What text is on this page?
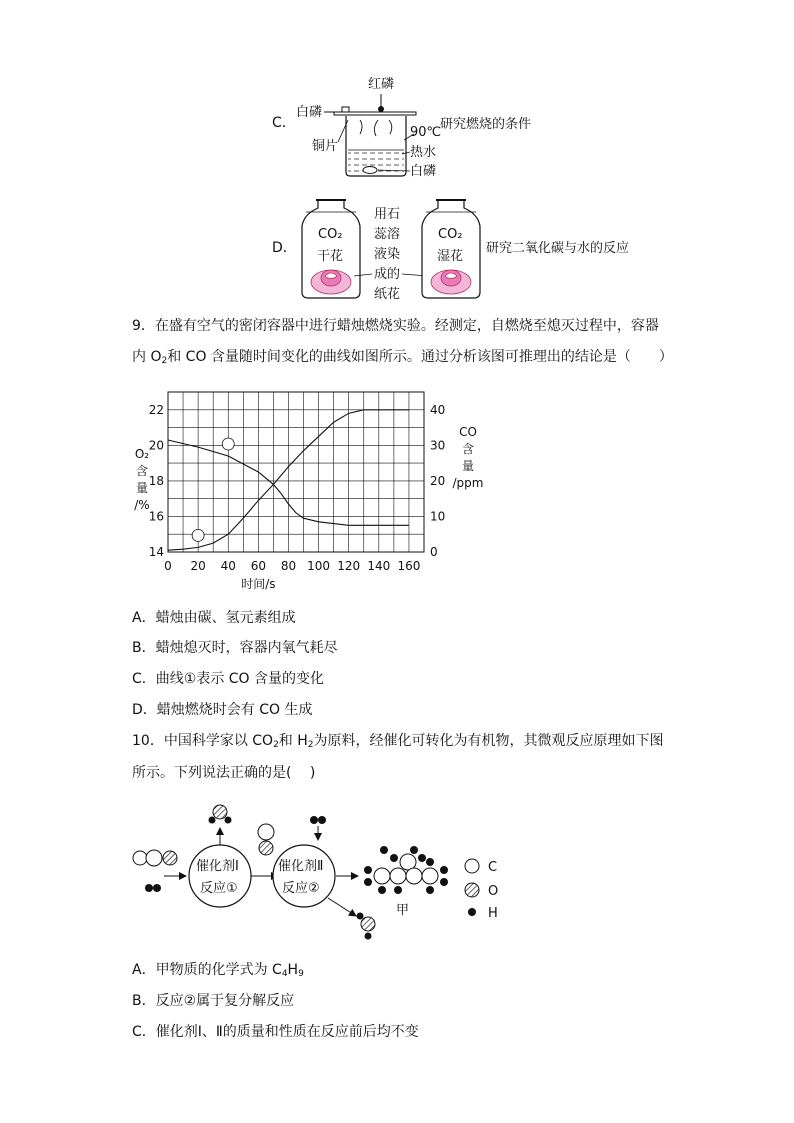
C．
红磷
白磷
铜片
90℃
热水
白磷
研究燃烧的条件
D．
CO₂
干花
用石
蕊溶
液染
成的
纸花
CO₂
湿花
研究二氧化碳与水的反应
9．在盛有空气的密闭容器中进行蜡烛燃烧实验。经测定，自燃烧至熄灭过程中，容器
内 $O_2$和 CO 含量随时间变化的曲线如图所示。通过分析该图可推理出的结论是（　　）
0 20 40 60 80 100 120 140 160
14
16
18
20
22
0
10
20
30
40
时间/s
O₂
含
量
/%
CO
含
量
/ppm
A．蜡烛由碳、氢元素组成
B．蜡烛熄灭时，容器内氧气耗尽
C．曲线①表示 CO 含量的变化
D．蜡烛燃烧时会有 CO 生成
10．中国科学家以 $CO_2$和 $H_2$为原料，经催化可转化为有机物，其微观反应原理如下图
所示。下列说法正确的是(　 )
催化剂Ⅰ
反应①
催化剂Ⅱ
反应②
甲
C
O
H
A．甲物质的化学式为 $C_4H_9$
B．反应②属于复分解反应
C．催化剂Ⅰ、Ⅱ的质量和性质在反应前后均不变
